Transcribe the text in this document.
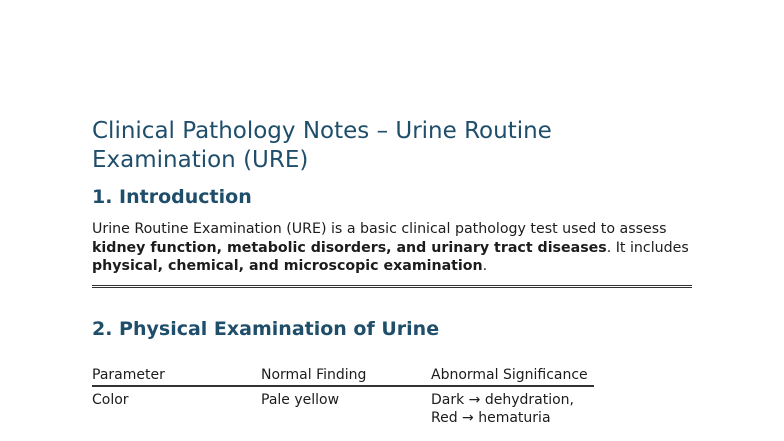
Clinical Pathology Notes – Urine Routine Examination (URE)
1. Introduction

Urine Routine Examination (URE) is a basic clinical pathology test used to assess kidney function, metabolic disorders, and urinary tract diseases. It includes physical, chemical, and microscopic examination.

2. Physical Examination of Urine
Parameter	Normal Finding	Abnormal Significance
Color	Pale yellow	Dark → dehydration, Red → hematuria
